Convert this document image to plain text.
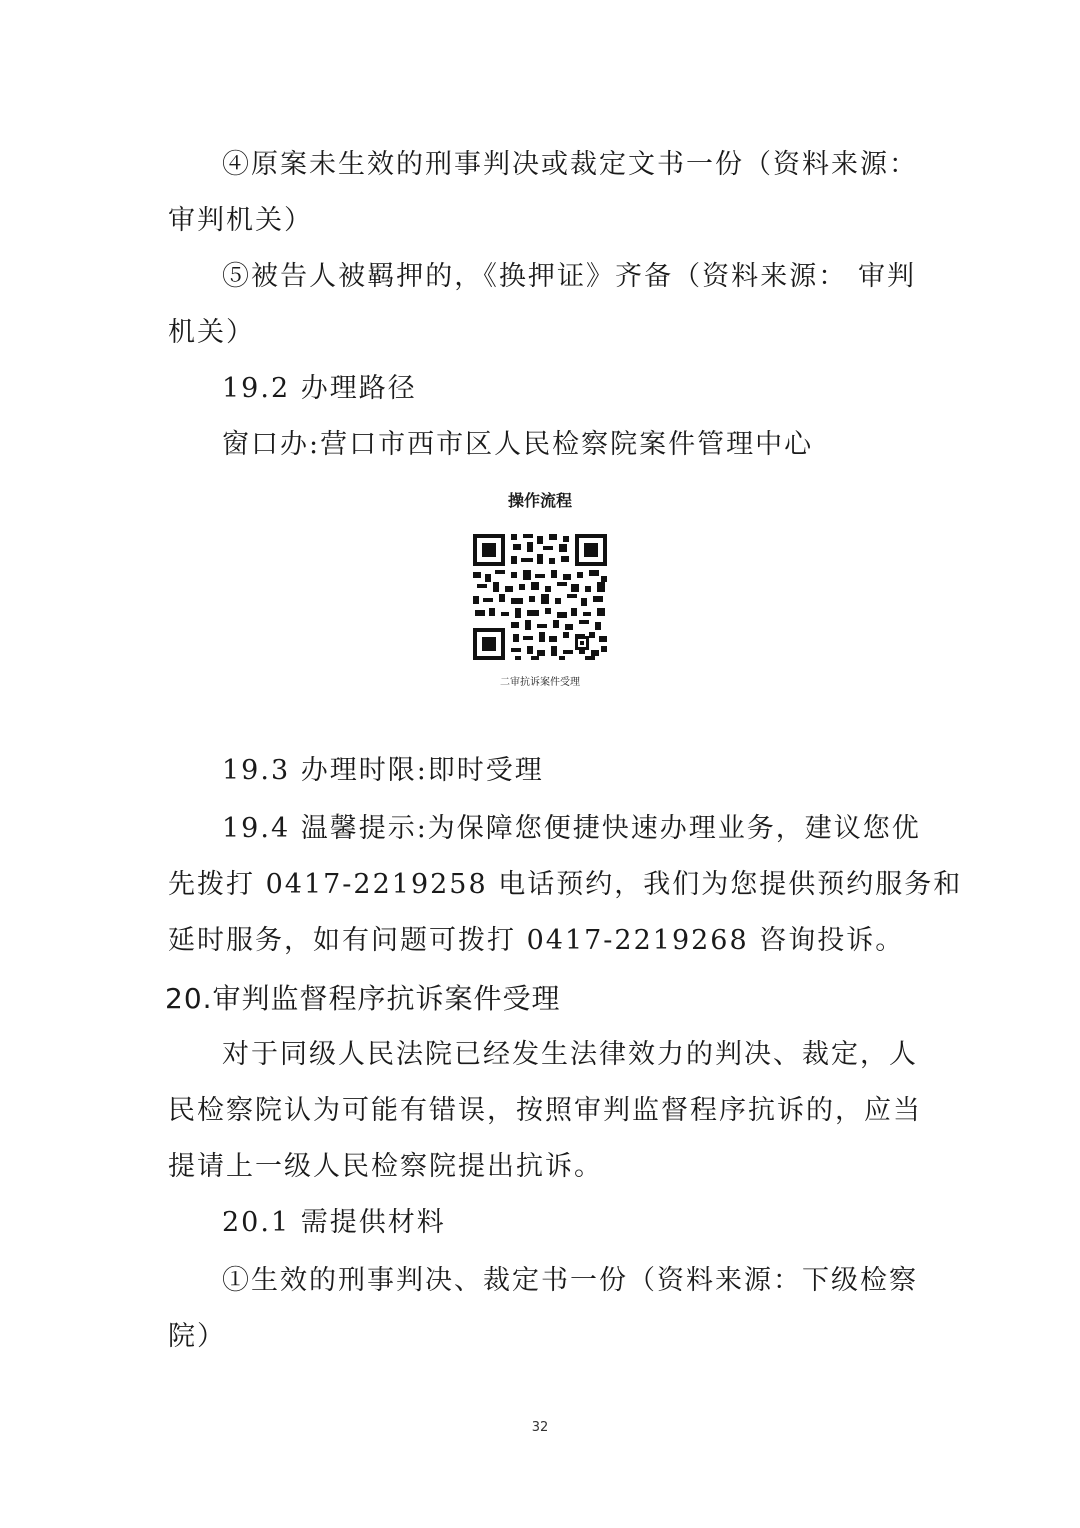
④原案未生效的刑事判决或裁定文书一份（资料来源：
审判机关）
⑤被告人被羁押的，《换押证》齐备（资料来源： 审判
机关）
19.2 办理路径
窗口办:营口市西市区人民检察院案件管理中心
操作流程
二审抗诉案件受理
19.3 办理时限:即时受理
19.4 温馨提示:为保障您便捷快速办理业务，建议您优
先拨打 0417-2219258 电话预约，我们为您提供预约服务和
延时服务，如有问题可拨打 0417-2219268 咨询投诉。
20.审判监督程序抗诉案件受理
对于同级人民法院已经发生法律效力的判决、裁定，人
民检察院认为可能有错误，按照审判监督程序抗诉的，应当
提请上一级人民检察院提出抗诉。
20.1 需提供材料
①生效的刑事判决、裁定书一份（资料来源：下级检察
院）
32
